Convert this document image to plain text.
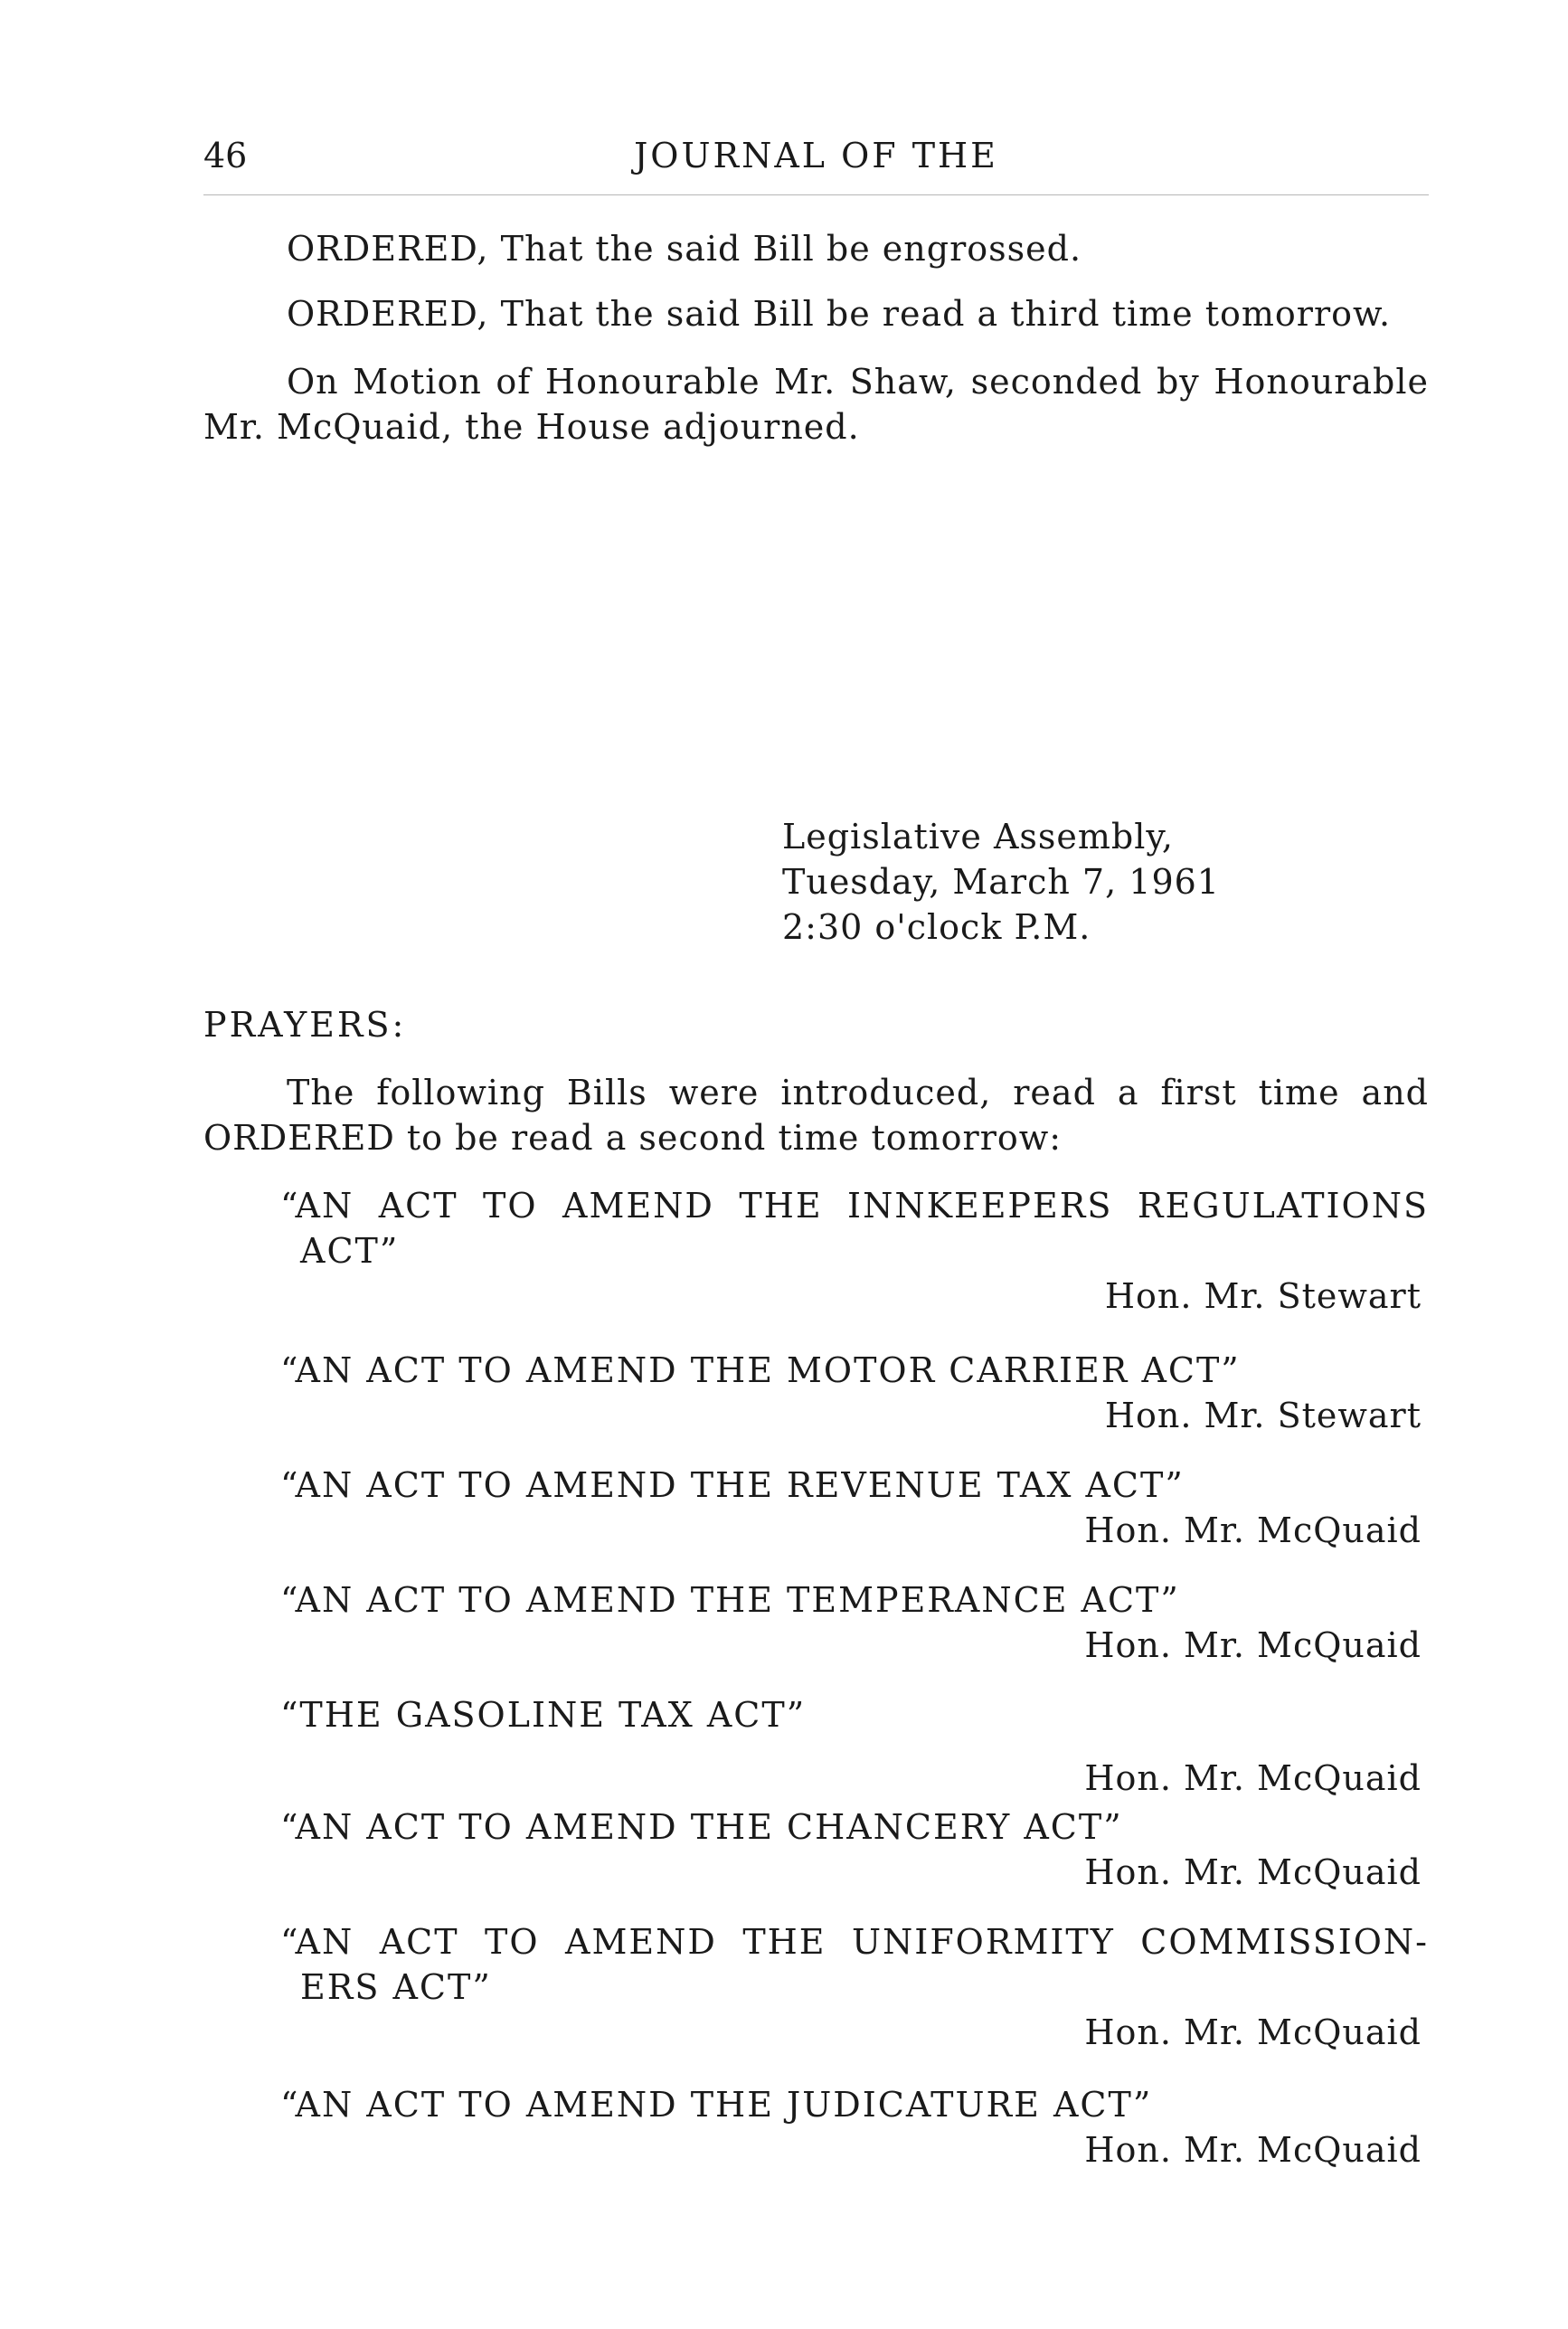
46	JOURNAL OF THE
ORDERED, That the said Bill be engrossed.
ORDERED, That the said Bill be read a third time tomorrow.
On Motion of Honourable Mr. Shaw, seconded by Honourable Mr. McQuaid, the House adjourned.
Legislative Assembly,
Tuesday, March 7, 1961
2:30 o'clock P.M.
PRAYERS:
The following Bills were introduced, read a first time and ORDERED to be read a second time tomorrow:
“AN ACT TO AMEND THE INNKEEPERS REGULATIONS ACT”
Hon. Mr. Stewart
“AN ACT TO AMEND THE MOTOR CARRIER ACT”
Hon. Mr. Stewart
“AN ACT TO AMEND THE REVENUE TAX ACT”
Hon. Mr. McQuaid
“AN ACT TO AMEND THE TEMPERANCE ACT”
Hon. Mr. McQuaid
“THE GASOLINE TAX ACT”
Hon. Mr. McQuaid
“AN ACT TO AMEND THE CHANCERY ACT”
Hon. Mr. McQuaid
“AN ACT TO AMEND THE UNIFORMITY COMMISSION-ERS ACT”
Hon. Mr. McQuaid
“AN ACT TO AMEND THE JUDICATURE ACT”
Hon. Mr. McQuaid
